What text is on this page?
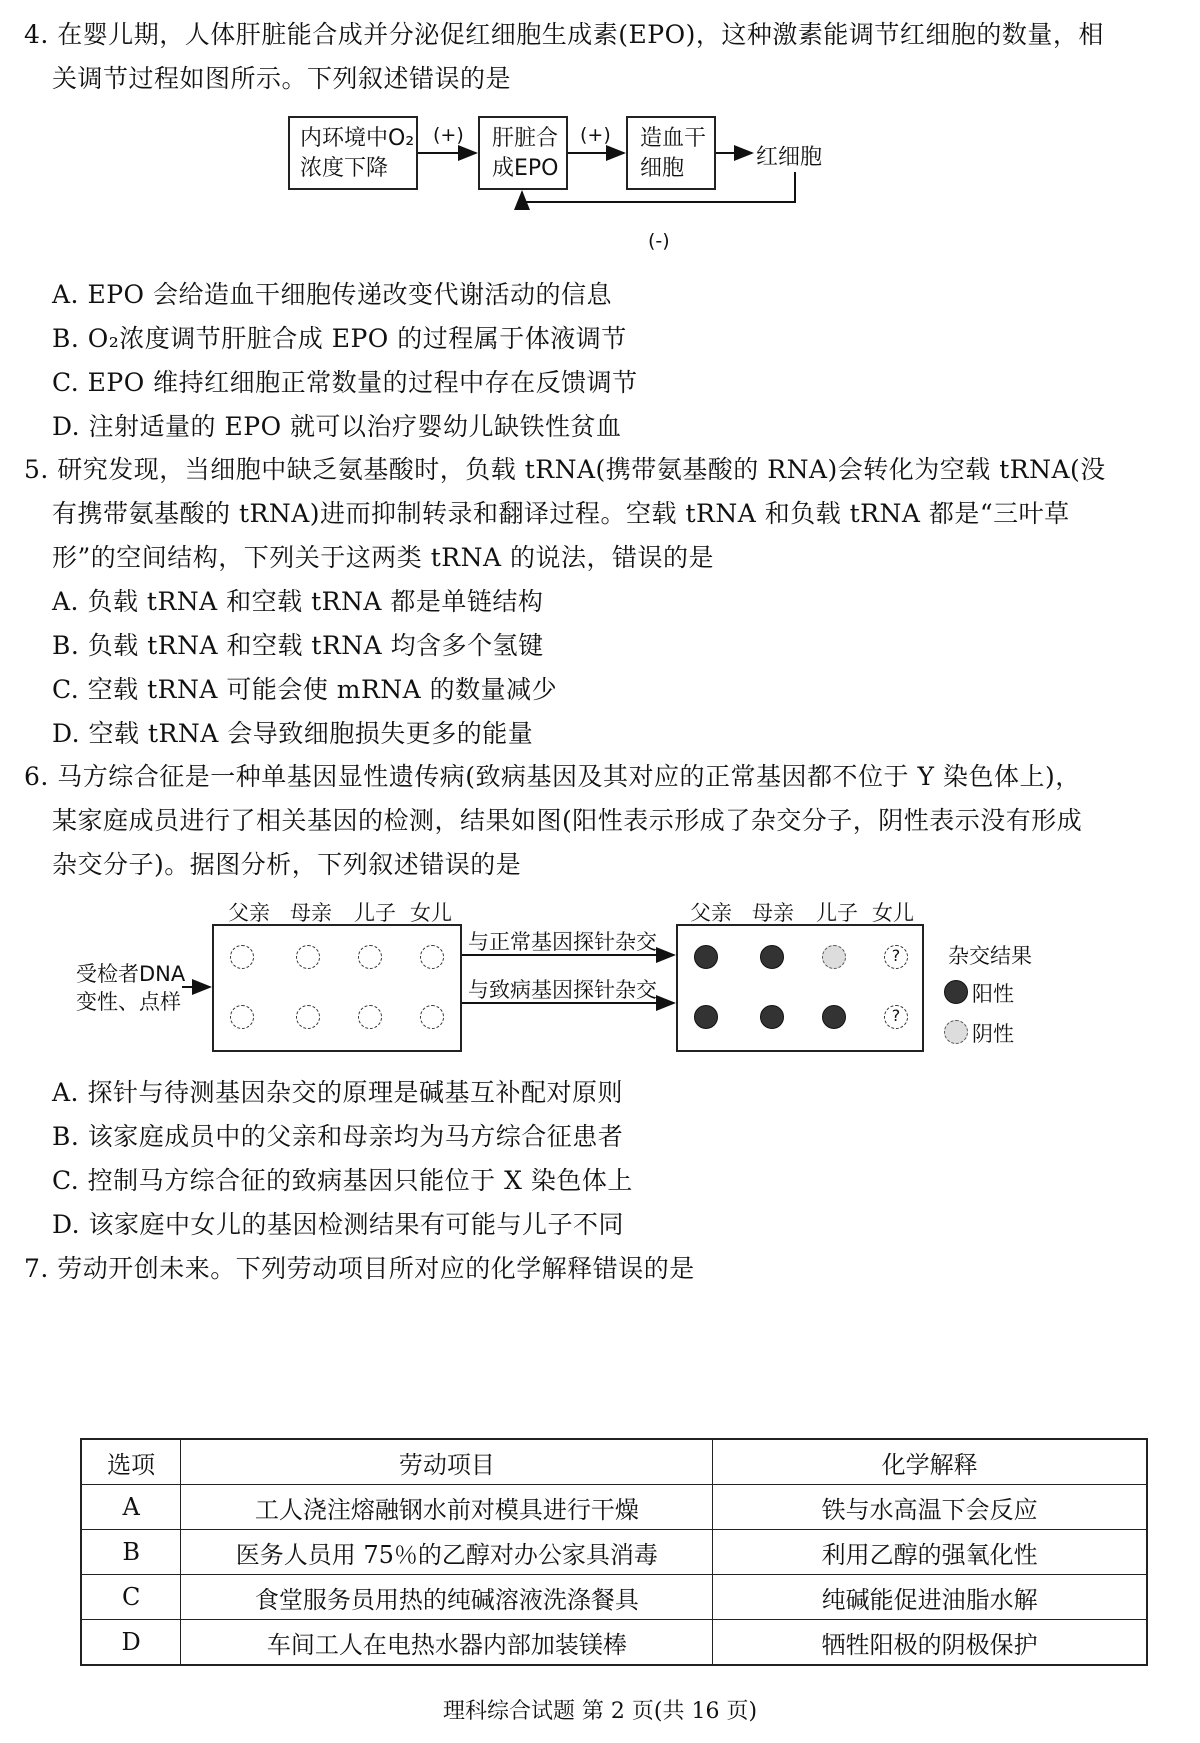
4. 在婴儿期，人体肝脏能合成并分泌促红细胞生成素(EPO)，这种激素能调节红细胞的数量，相
关调节过程如图所示。下列叙述错误的是
内环境中O₂
浓度下降
肝脏合
成EPO
造血干
细胞
(+)	(+)
红细胞
(-)
A. EPO 会给造血干细胞传递改变代谢活动的信息
B. O₂浓度调节肝脏合成 EPO 的过程属于体液调节
C. EPO 维持红细胞正常数量的过程中存在反馈调节
D. 注射适量的 EPO 就可以治疗婴幼儿缺铁性贫血
5. 研究发现，当细胞中缺乏氨基酸时，负载 tRNA(携带氨基酸的 RNA)会转化为空载 tRNA(没
有携带氨基酸的 tRNA)进而抑制转录和翻译过程。空载 tRNA 和负载 tRNA 都是“三叶草
形”的空间结构，下列关于这两类 tRNA 的说法，错误的是
A. 负载 tRNA 和空载 tRNA 都是单链结构
B. 负载 tRNA 和空载 tRNA 均含多个氢键
C. 空载 tRNA 可能会使 mRNA 的数量减少
D. 空载 tRNA 会导致细胞损失更多的能量
6. 马方综合征是一种单基因显性遗传病(致病基因及其对应的正常基因都不位于 Y 染色体上)，
某家庭成员进行了相关基因的检测，结果如图(阳性表示形成了杂交分子，阴性表示没有形成
杂交分子)。据图分析，下列叙述错误的是
父亲 母亲 儿子 女儿	父亲 母亲 儿子 女儿
受检者DNA
变性、点样
与正常基因探针杂交
与致病基因探针杂交
?
?
杂交结果
阳性
阴性
A. 探针与待测基因杂交的原理是碱基互补配对原则
B. 该家庭成员中的父亲和母亲均为马方综合征患者
C. 控制马方综合征的致病基因只能位于 X 染色体上
D. 该家庭中女儿的基因检测结果有可能与儿子不同
7. 劳动开创未来。下列劳动项目所对应的化学解释错误的是
选项	劳动项目	化学解释
A	工人浇注熔融钢水前对模具进行干燥	铁与水高温下会反应
B	医务人员用 75％的乙醇对办公家具消毒	利用乙醇的强氧化性
C	食堂服务员用热的纯碱溶液洗涤餐具	纯碱能促进油脂水解
D	车间工人在电热水器内部加装镁棒	牺牲阳极的阴极保护
理科综合试题 第 2 页(共 16 页)
